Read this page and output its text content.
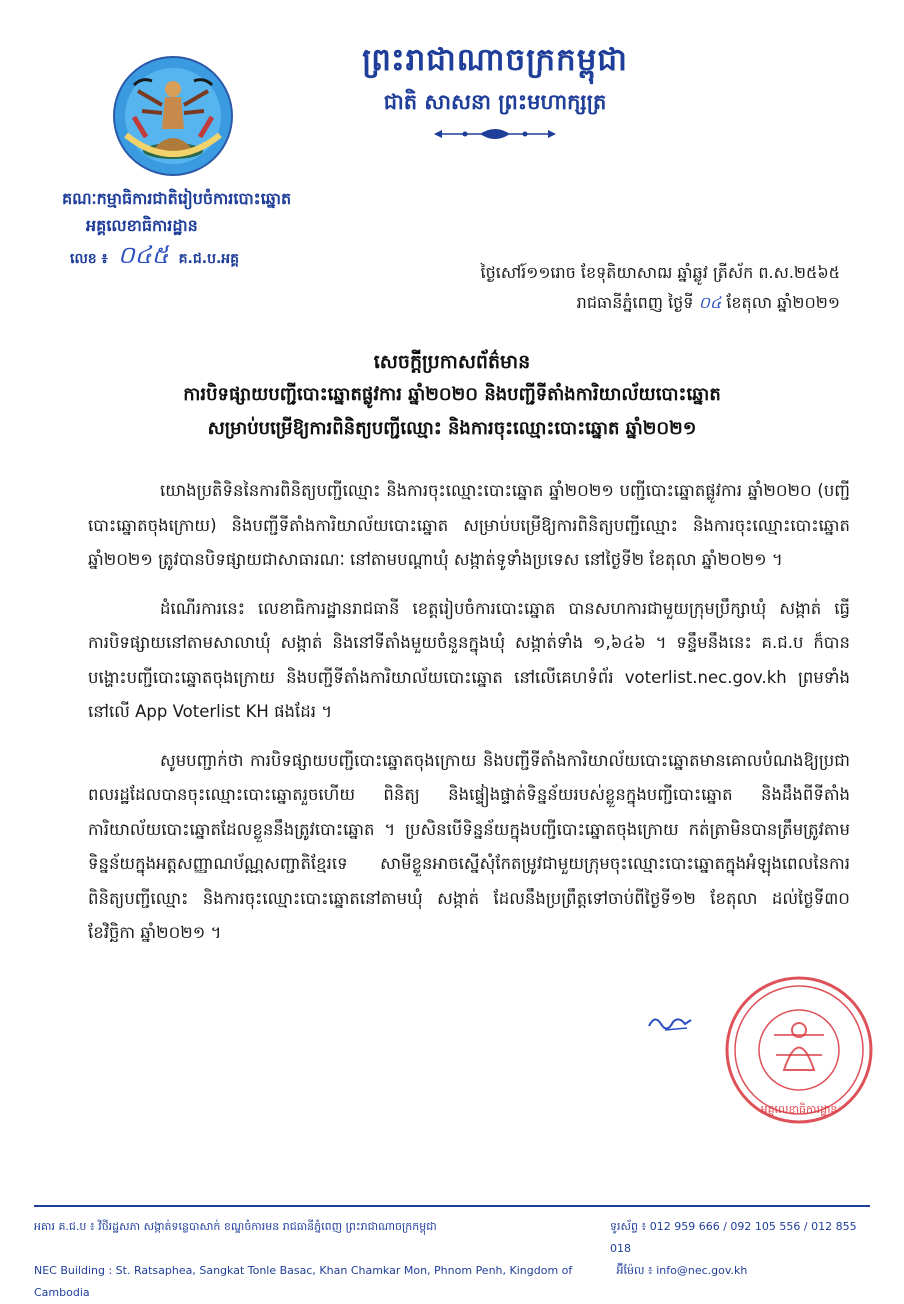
ព្រះរាជាណាចក្រកម្ពុជា
ជាតិ សាសនា ព្រះមហាក្សត្រ
គណៈកម្មាធិការជាតិរៀបចំការបោះឆ្នោត
អគ្គលេខាធិការដ្ឋាន
លេខ ៖ ០៤៥ គ.ជ.ប.អគ្គ
ថ្ងៃសៅរ៍១១រោច ខែទុតិយាសាឍ ឆ្នាំឆ្លូវ ត្រីស័ក ព.ស.២៥៦៥
រាជធានីភ្នំពេញ ថ្ងៃទី ០៤ ខែតុលា ឆ្នាំ២០២១
សេចក្ដីប្រកាសព័ត៌មាន
ការបិទផ្សាយបញ្ជីបោះឆ្នោតផ្លូវការ ឆ្នាំ២០២០ និងបញ្ជីទីតាំងការិយាល័យបោះឆ្នោត
សម្រាប់បម្រើឱ្យការពិនិត្យបញ្ជីឈ្មោះ និងការចុះឈ្មោះបោះឆ្នោត ឆ្នាំ២០២១

យោងប្រតិទិននៃការពិនិត្យបញ្ជីឈ្មោះ និងការចុះឈ្មោះបោះឆ្នោត ឆ្នាំ២០២១ បញ្ជីបោះឆ្នោតផ្លូវការ ឆ្នាំ២០២០ (បញ្ជីបោះឆ្នោតចុងក្រោយ) និងបញ្ជីទីតាំងការិយាល័យបោះឆ្នោត សម្រាប់បម្រើឱ្យការពិនិត្យបញ្ជីឈ្មោះ និងការចុះឈ្មោះបោះឆ្នោត ឆ្នាំ២០២១ ត្រូវបានបិទផ្សាយជាសាធារណៈ នៅតាមបណ្ដាឃុំ សង្កាត់ទូទាំងប្រទេស នៅថ្ងៃទី២ ខែតុលា ឆ្នាំ២០២១ ។

ដំណើរការនេះ លេខាធិការដ្ឋានរាជធានី ខេត្តរៀបចំការបោះឆ្នោត បានសហការជាមួយក្រុមប្រឹក្សាឃុំ សង្កាត់ ធ្វើការបិទផ្សាយនៅតាមសាលាឃុំ សង្កាត់ និងនៅទីតាំងមួយចំនួនក្នុងឃុំ សង្កាត់ទាំង ១,៦៤៦ ។ ទន្ទឹមនឹងនេះ គ.ជ.ប ក៏បានបង្ហោះបញ្ជីបោះឆ្នោតចុងក្រោយ និងបញ្ជីទីតាំងការិយាល័យបោះឆ្នោត នៅលើគេហទំព័រ voterlist.nec.gov.kh ព្រមទាំងនៅលើ App Voterlist KH ផងដែរ ។

សូមបញ្ជាក់ថា ការបិទផ្សាយបញ្ជីបោះឆ្នោតចុងក្រោយ និងបញ្ជីទីតាំងការិយាល័យបោះឆ្នោតមានគោលបំណងឱ្យប្រជាពលរដ្ឋដែលបានចុះឈ្មោះបោះឆ្នោតរួចហើយ ពិនិត្យ និងផ្ទៀងផ្ទាត់ទិន្នន័យរបស់ខ្លួនក្នុងបញ្ជីបោះឆ្នោត និងដឹងពីទីតាំងការិយាល័យបោះឆ្នោតដែលខ្លួននឹងត្រូវបោះឆ្នោត ។ ប្រសិនបើទិន្នន័យក្នុងបញ្ជីបោះឆ្នោតចុងក្រោយ កត់ត្រាមិនបានត្រឹមត្រូវតាមទិន្នន័យក្នុងអត្តសញ្ញាណប័ណ្ណសញ្ជាតិខ្មែរទេ សាមីខ្លួនអាចស្នើសុំកែតម្រូវជាមួយក្រុមចុះឈ្មោះបោះឆ្នោតក្នុងអំឡុងពេលនៃការពិនិត្យបញ្ជីឈ្មោះ និងការចុះឈ្មោះបោះឆ្នោតនៅតាមឃុំ សង្កាត់ ដែលនឹងប្រព្រឹត្តទៅចាប់ពីថ្ងៃទី១២ ខែតុលា ដល់ថ្ងៃទី៣០ ខែវិច្ឆិកា ឆ្នាំ២០២១ ។

អគ្គលេខាធិការដ្ឋាន
អគារ គ.ជ.ប ៖ វិថីរដ្ឋសភា សង្កាត់ទន្លេបាសាក់ ខណ្ឌចំការមន រាជធានីភ្នំពេញ ព្រះរាជាណាចក្រកម្ពុជា	ទូរស័ព្ទ ៖ 012 959 666 / 092 105 556 / 012 855 018
NEC Building : St. Ratsaphea, Sangkat Tonle Basac, Khan Chamkar Mon, Phnom Penh, Kingdom of Cambodia
អ៊ីម៉ែល ៖ info@nec.gov.kh
